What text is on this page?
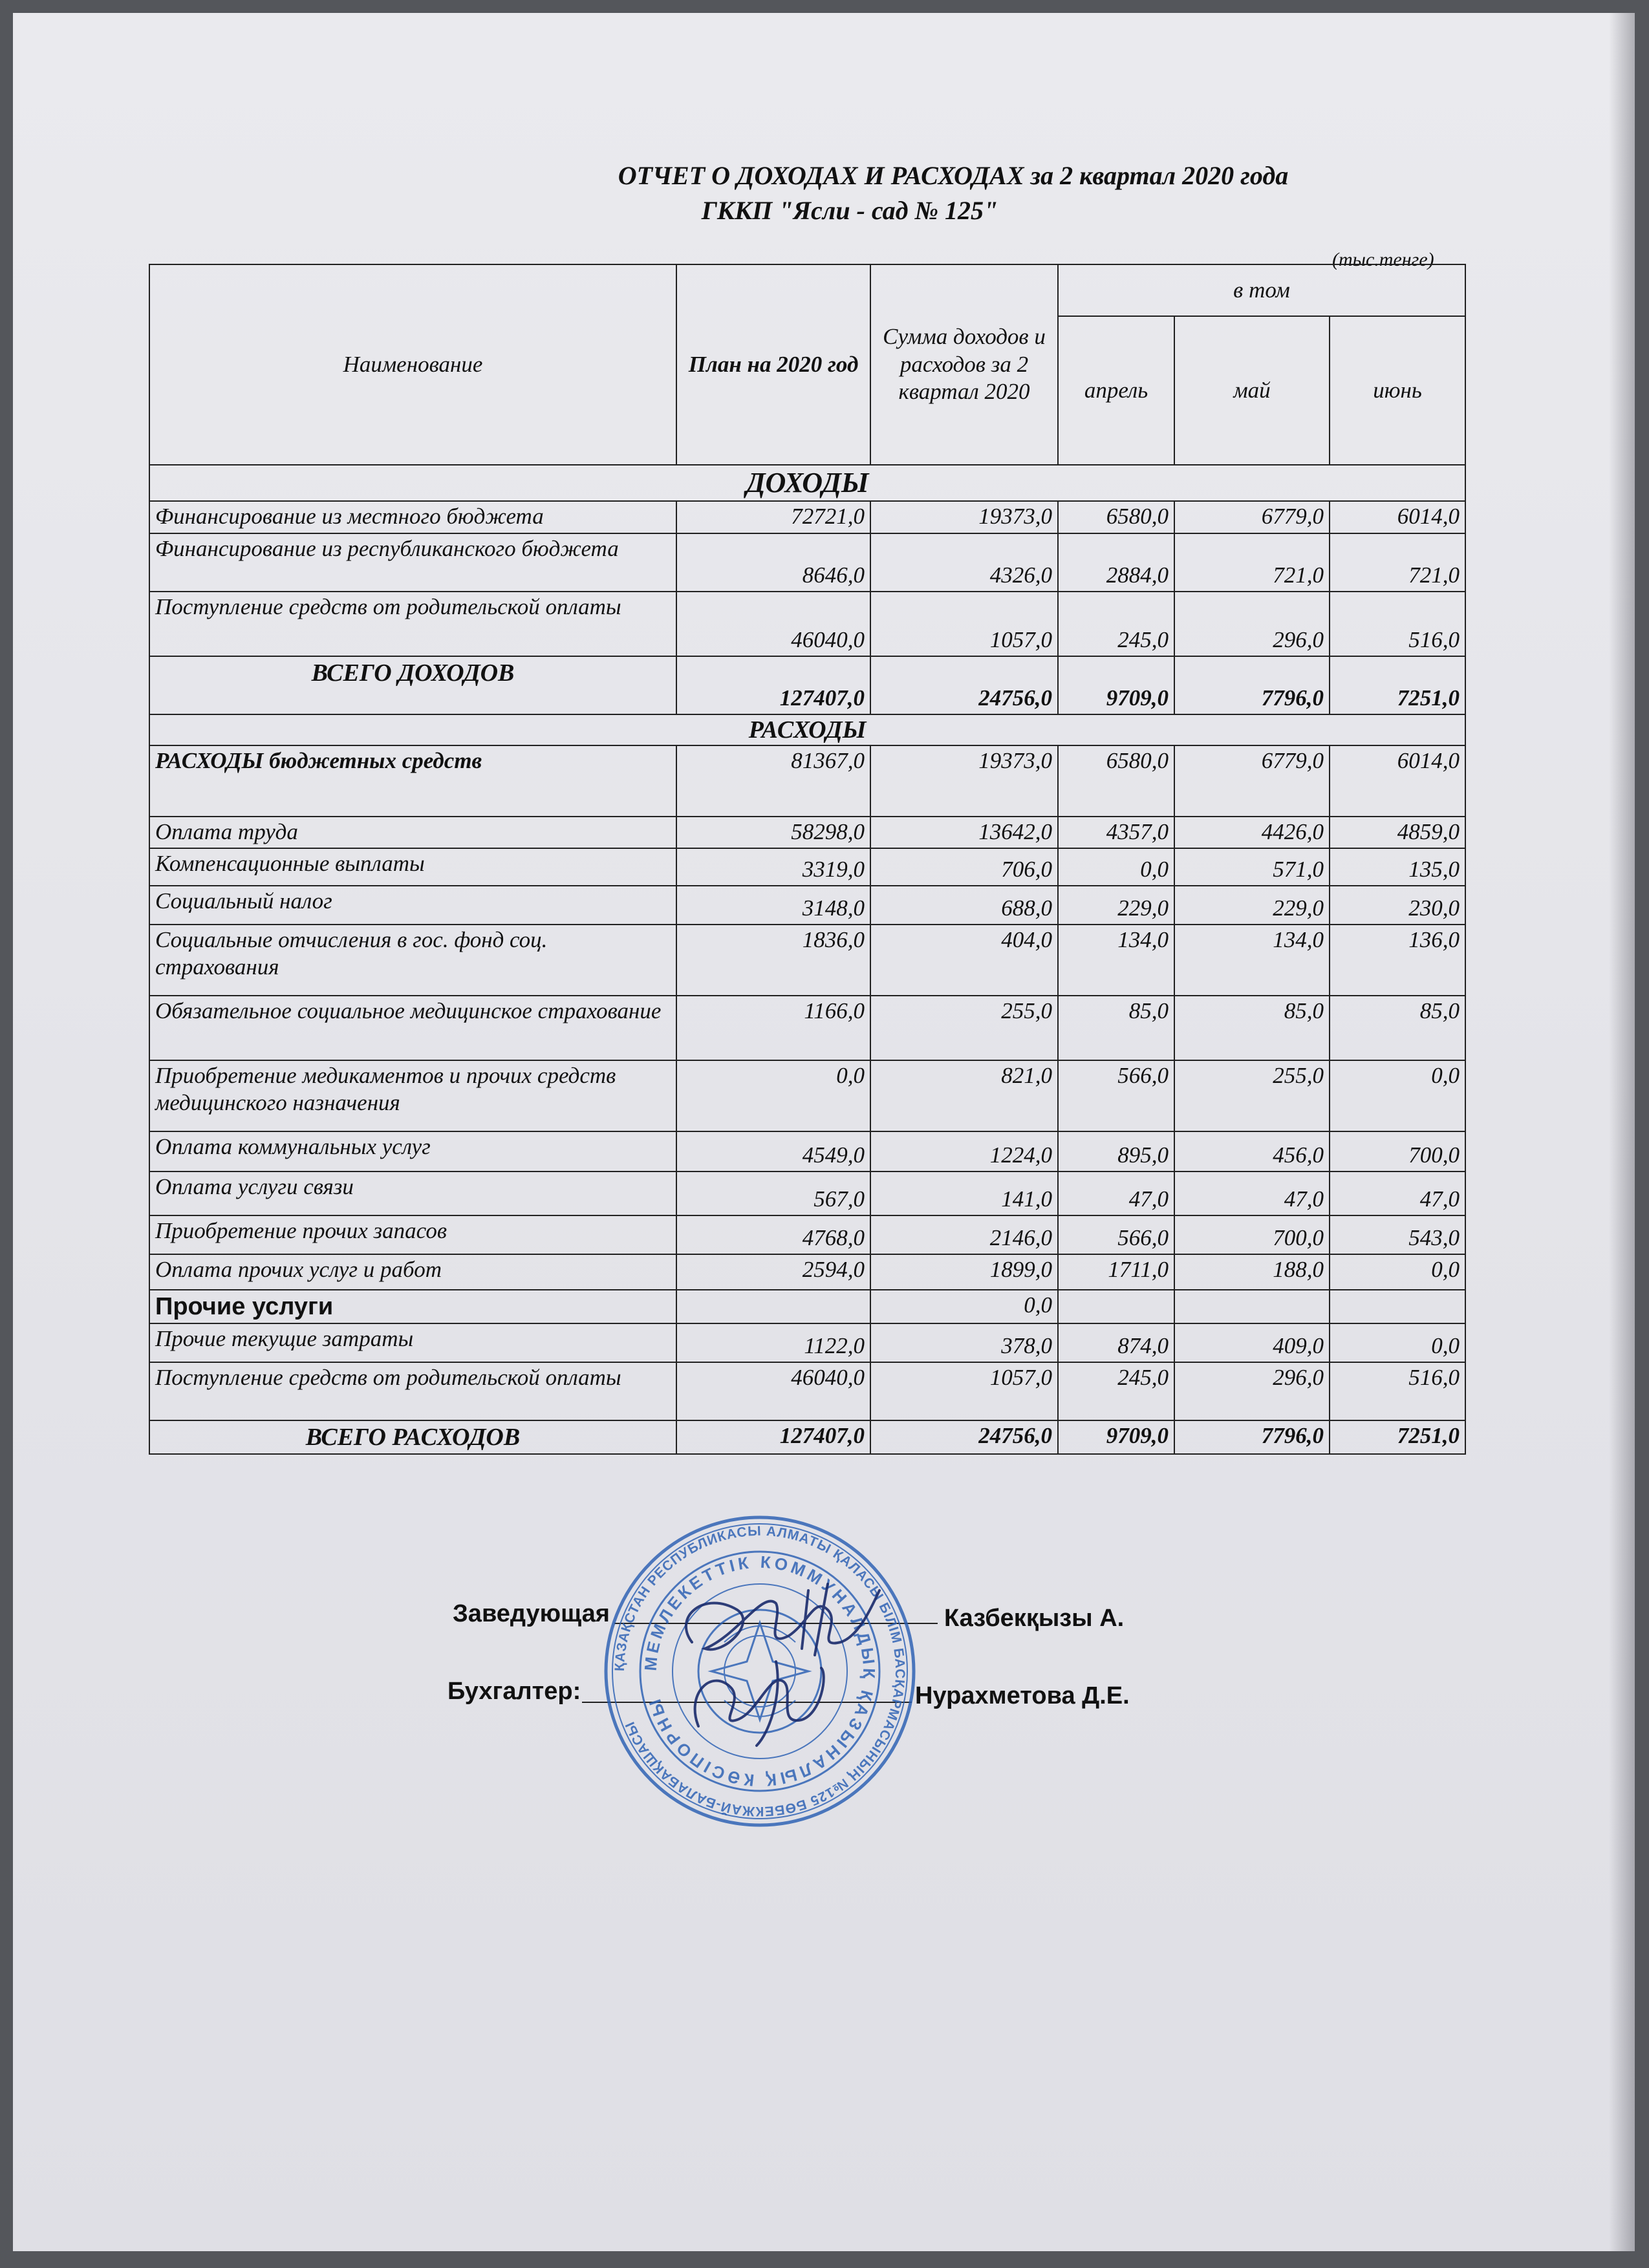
ОТЧЕТ О ДОХОДАХ И РАСХОДАХ за 2 квартал 2020 года
ГККП "Ясли - сад № 125"
(тыс.тенге)
Наименование	План на 2020 год	Сумма доходов и расходов за 2 квартал 2020	в том		
			апрель	май	июнь
ДОХОДЫ					
Финансирование из местного бюджета	72721,0	19373,0	6580,0	6779,0	6014,0
Финансирование из республиканского бюджета	8646,0	4326,0	2884,0	721,0	721,0
Поступление средств от родительской оплаты	46040,0	1057,0	245,0	296,0	516,0
ВСЕГО ДОХОДОВ	127407,0	24756,0	9709,0	7796,0	7251,0
РАСХОДЫ					
РАСХОДЫ бюджетных средств	81367,0	19373,0	6580,0	6779,0	6014,0
Оплата труда	58298,0	13642,0	4357,0	4426,0	4859,0
Компенсационные выплаты	3319,0	706,0	0,0	571,0	135,0
Социальный налог	3148,0	688,0	229,0	229,0	230,0
Социальные отчисления в гос. фонд соц. страхования	1836,0	404,0	134,0	134,0	136,0
Обязательное социальное медицинское страхование	1166,0	255,0	85,0	85,0	85,0
Приобретение медикаментов и прочих средств медицинского назначения	0,0	821,0	566,0	255,0	0,0
Оплата коммунальных услуг	4549,0	1224,0	895,0	456,0	700,0
Оплата услуги связи	567,0	141,0	47,0	47,0	47,0
Приобретение прочих запасов	4768,0	2146,0	566,0	700,0	543,0
Оплата прочих услуг и работ	2594,0	1899,0	1711,0	188,0	0,0
Прочие услуги		0,0			
Прочие текущие затраты	1122,0	378,0	874,0	409,0	0,0
Поступление средств от родительской оплаты	46040,0	1057,0	245,0	296,0	516,0
ВСЕГО РАСХОДОВ	127407,0	24756,0	9709,0	7796,0	7251,0
Заведующая	Казбекқызы А.
Бухгалтер:	Нурахметова Д.Е.
ҚАЗАҚСТАН РЕСПУБЛИКАСЫ АЛМАТЫ ҚАЛАСЫ БІЛІМ БАСҚАРМАСЫНЫҢ №125 БӨБЕКЖАЙ-БАЛАБАҚШАСЫ
МЕМЛЕКЕТТІК КОММУНАЛДЫҚ ҚАЗЫНАЛЫҚ КӘСІПОРНЫ
